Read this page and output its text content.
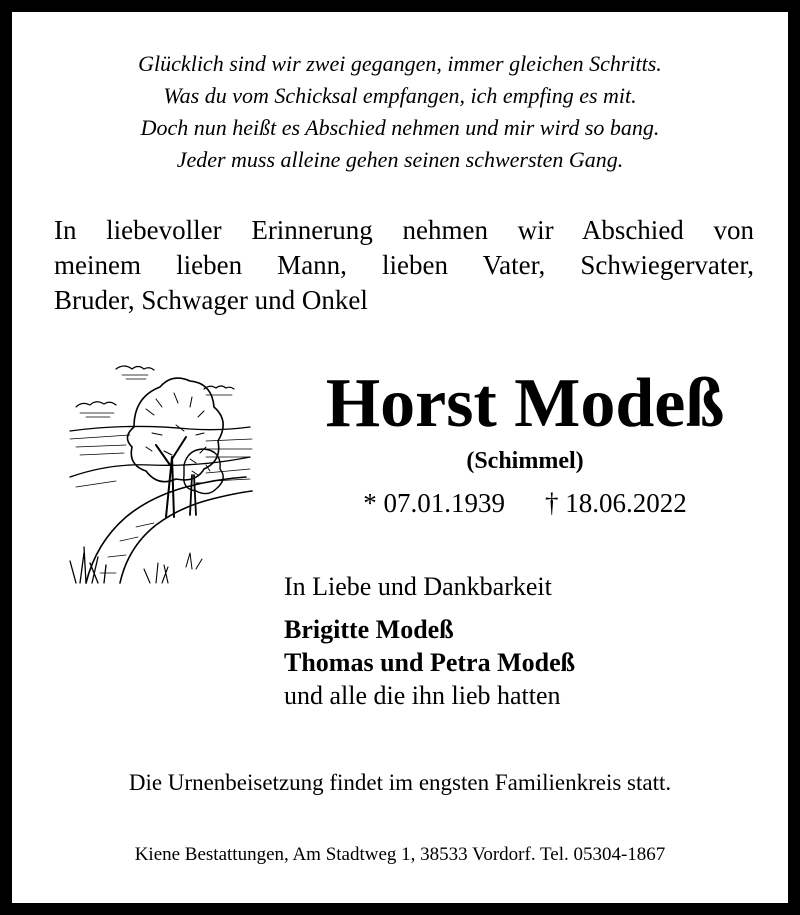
Glücklich sind wir zwei gegangen, immer gleichen Schritts.
Was du vom Schicksal empfangen, ich empfing es mit.
Doch nun heißt es Abschied nehmen und mir wird so bang.
Jeder muss alleine gehen seinen schwersten Gang.
In liebevoller Erinnerung nehmen wir Abschied von
meinem lieben Mann, lieben Vater, Schwiegervater,
Bruder, Schwager und Onkel
Horst Modeß
(Schimmel)
* 07.01.1939 † 18.06.2022
In Liebe und Dankbarkeit
Brigitte Modeß
Thomas und Petra Modeß
und alle die ihn lieb hatten
Die Urnenbeisetzung findet im engsten Familienkreis statt.
Kiene Bestattungen, Am Stadtweg 1, 38533 Vordorf. Tel. 05304-1867
